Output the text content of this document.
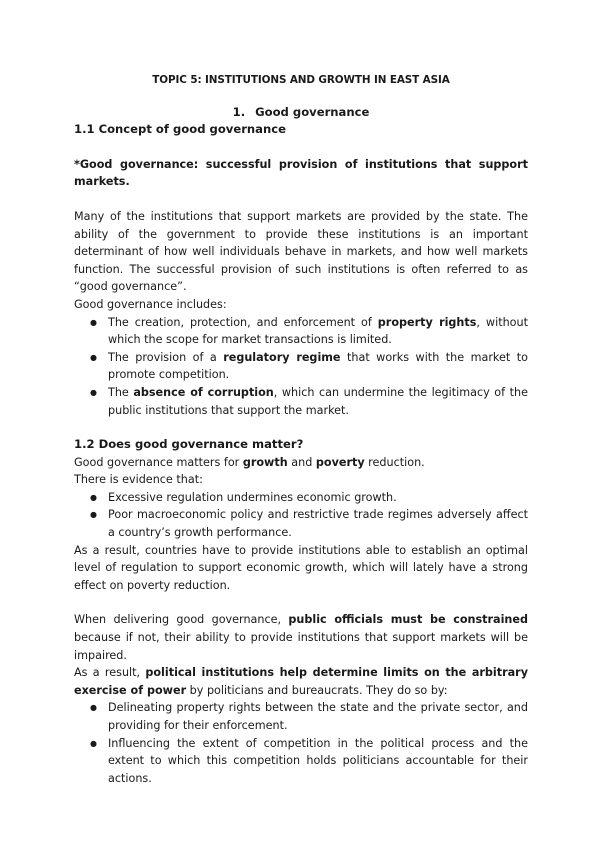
TOPIC 5: INSTITUTIONS AND GROWTH IN EAST ASIA
1. Good governance
1.1 Concept of good governance

*Good governance: successful provision of institutions that support markets.

Many of the institutions that support markets are provided by the state. The ability of the government to provide these institutions is an important determinant of how well individuals behave in markets, and how well markets function. The successful provision of such institutions is often referred to as “good governance”.

Good governance includes:

● The creation, protection, and enforcement of property rights, without which the scope for market transactions is limited.
● The provision of a regulatory regime that works with the market to promote competition.
● The absence of corruption, which can undermine the legitimacy of the public institutions that support the market.
1.2 Does good governance matter?

Good governance matters for growth and poverty reduction.

There is evidence that:

● Excessive regulation undermines economic growth.
● Poor macroeconomic policy and restrictive trade regimes adversely affect a country’s growth performance.

As a result, countries have to provide institutions able to establish an optimal level of regulation to support economic growth, which will lately have a strong effect on poverty reduction.

When delivering good governance, public officials must be constrained because if not, their ability to provide institutions that support markets will be impaired.

As a result, political institutions help determine limits on the arbitrary exercise of power by politicians and bureaucrats. They do so by:

● Delineating property rights between the state and the private sector, and providing for their enforcement.
● Influencing the extent of competition in the political process and the extent to which this competition holds politicians accountable for their actions.
